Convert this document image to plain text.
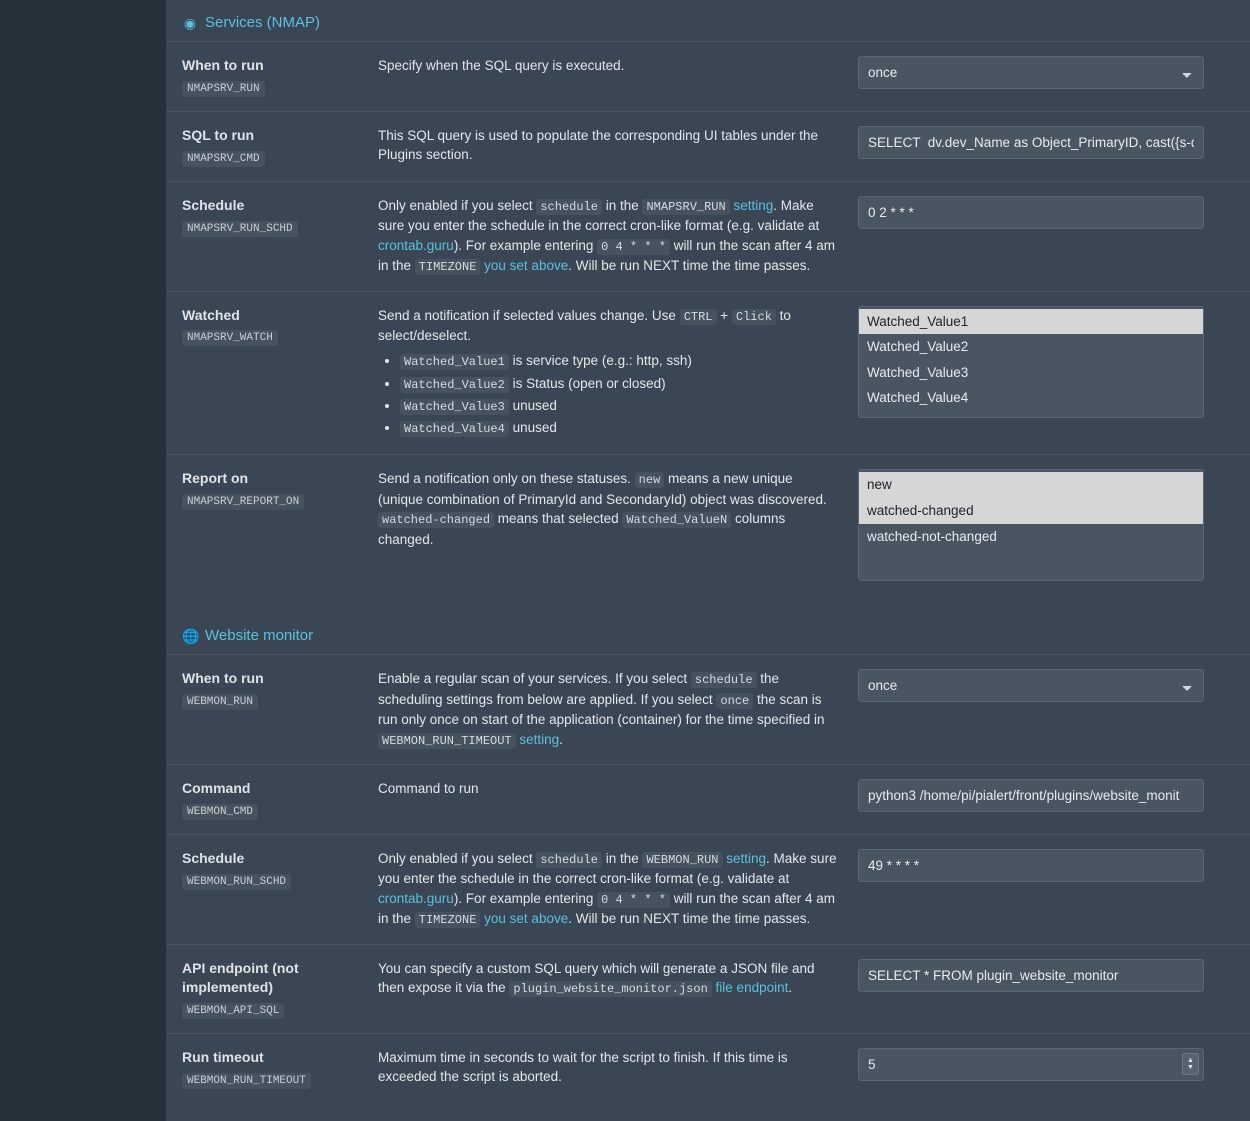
◉ Services (NMAP)
When to run
NMAPSRV_RUN
Specify when the SQL query is executed.
once
SQL to run
NMAPSRV_CMD
This SQL query is used to populate the corresponding UI tables under the Plugins section.
SELECT dv.dev_Name as Object_PrimaryID, cast({s-quo
Schedule
NMAPSRV_RUN_SCHD
Only enabled if you select schedule in the NMAPSRV_RUN setting. Make sure you enter the schedule in the correct cron-like format (e.g. validate at crontab.guru). For example entering 0 4 * * * will run the scan after 4 am in the TIMEZONE you set above. Will be run NEXT time the time passes.
0 2 * * *
Watched
NMAPSRV_WATCH
Send a notification if selected values change. Use CTRL + Click to select/deselect.
• Watched_Value1 is service type (e.g.: http, ssh)
• Watched_Value2 is Status (open or closed)
• Watched_Value3 unused
• Watched_Value4 unused
Watched_Value1
Watched_Value2
Watched_Value3
Watched_Value4
Report on
NMAPSRV_REPORT_ON
Send a notification only on these statuses. new means a new unique (unique combination of PrimaryId and SecondaryId) object was discovered. watched-changed means that selected Watched_ValueN columns changed.
new
watched-changed
watched-not-changed
🌐 Website monitor
When to run
WEBMON_RUN
Enable a regular scan of your services. If you select schedule the scheduling settings from below are applied. If you select once the scan is run only once on start of the application (container) for the time specified in WEBMON_RUN_TIMEOUT setting.
once
Command
WEBMON_CMD
Command to run
python3 /home/pi/pialert/front/plugins/website_monit
Schedule
WEBMON_RUN_SCHD
Only enabled if you select schedule in the WEBMON_RUN setting. Make sure you enter the schedule in the correct cron-like format (e.g. validate at crontab.guru). For example entering 0 4 * * * will run the scan after 4 am in the TIMEZONE you set above. Will be run NEXT time the time passes.
49 * * * *
API endpoint (not implemented)
WEBMON_API_SQL
You can specify a custom SQL query which will generate a JSON file and then expose it via the plugin_website_monitor.json file endpoint.
SELECT * FROM plugin_website_monitor
Run timeout
WEBMON_RUN_TIMEOUT
Maximum time in seconds to wait for the script to finish. If this time is exceeded the script is aborted.
5
▲
▼
